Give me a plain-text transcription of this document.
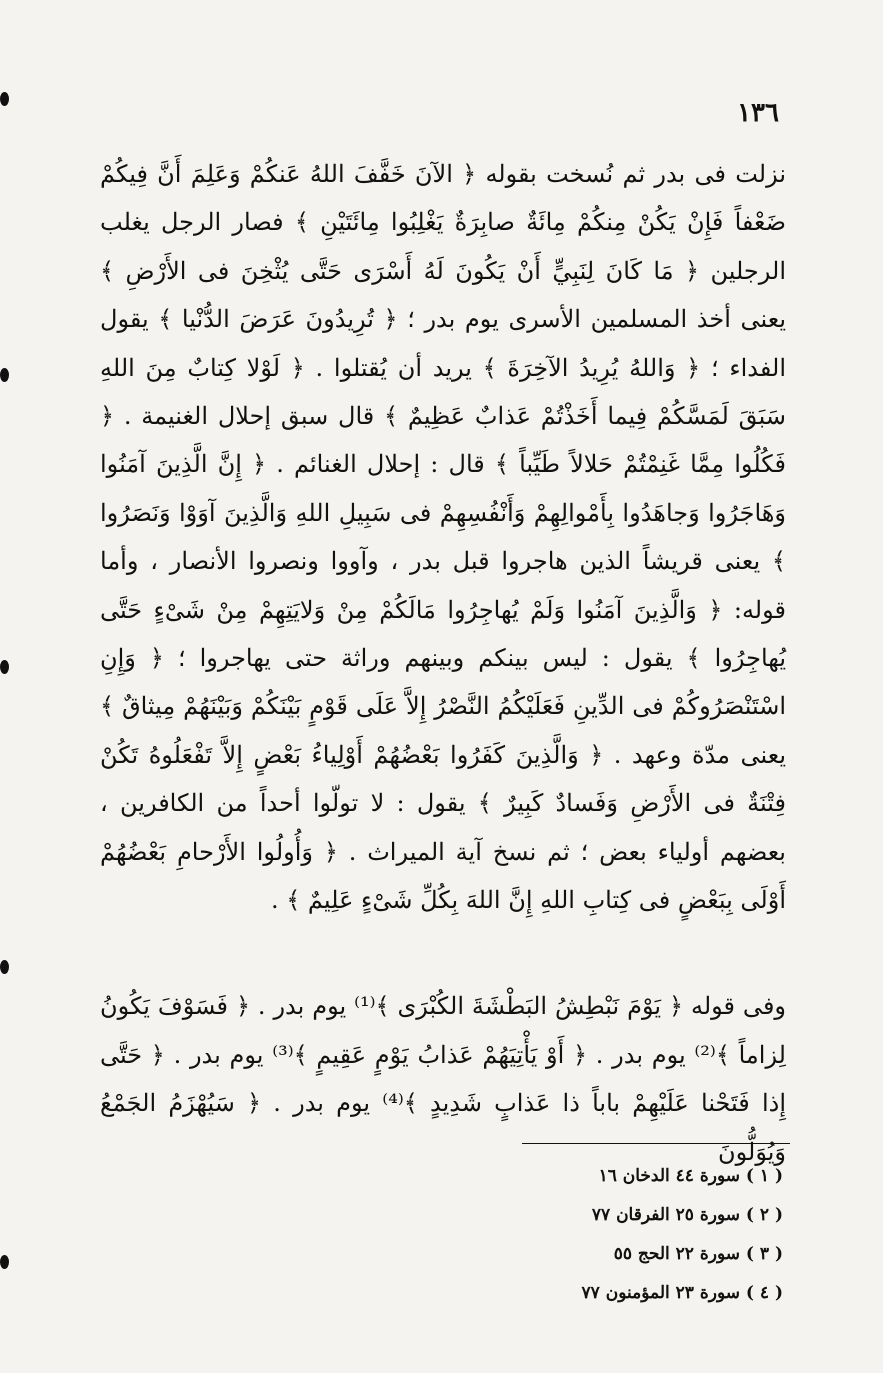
١٣٦

نزلت فى بدر ثم نُسخت بقوله ﴿ الآنَ خَفَّفَ اللهُ عَنكُمْ وَعَلِمَ أَنَّ فِيكُمْ ضَعْفاً فَإِنْ يَكُنْ مِنكُمْ مِائَةٌ صابِرَةٌ يَغْلِبُوا مِائَتَيْنِ ﴾ فصار الرجل يغلب الرجلين ﴿ مَا كَانَ لِنَبِيٍّ أَنْ يَكُونَ لَهُ أَسْرَى حَتَّى يُثْخِنَ فى الأَرْضِ ﴾ يعنى أخذ المسلمين الأسرى يوم بدر ؛ ﴿ تُرِيدُونَ عَرَضَ الدُّنْيا ﴾ يقول الفداء ؛ ﴿ وَاللهُ يُرِيدُ الآخِرَةَ ﴾ يريد أن يُقتلوا . ﴿ لَوْلا كِتابٌ مِنَ اللهِ سَبَقَ لَمَسَّكُمْ فِيما أَخَذْتُمْ عَذابٌ عَظِيمٌ ﴾ قال سبق إحلال الغنيمة . ﴿ فَكُلُوا مِمَّا غَنِمْتُمْ حَلالاً طَيِّباً ﴾ قال : إحلال الغنائم . ﴿ إِنَّ الَّذِينَ آمَنُوا وَهَاجَرُوا وَجاهَدُوا بِأَمْوالِهِمْ وَأَنْفُسِهِمْ فى سَبِيلِ اللهِ وَالَّذِينَ آوَوْا وَنَصَرُوا ﴾ يعنى قريشاً الذين هاجروا قبل بدر ، وآووا ونصروا الأنصار ، وأما قوله: ﴿ وَالَّذِينَ آمَنُوا وَلَمْ يُهاجِرُوا مَالَكُمْ مِنْ وَلايَتِهِمْ مِنْ شَىْءٍ حَتَّى يُهاجِرُوا ﴾ يقول : ليس بينكم وبينهم وراثة حتى يهاجروا ؛ ﴿ وَإِنِ اسْتَنْصَرُوكُمْ فى الدِّينِ فَعَلَيْكُمُ النَّصْرُ إِلاَّ عَلَى قَوْمٍ بَيْنَكُمْ وَبَيْنَهُمْ مِيثاقٌ ﴾ يعنى مدّة وعهد . ﴿ وَالَّذِينَ كَفَرُوا بَعْضُهُمْ أَوْلِياءُ بَعْضٍ إِلاَّ تَفْعَلُوهُ تَكُنْ فِتْنَةٌ فى الأَرْضِ وَفَسادٌ كَبِيرٌ ﴾ يقول : لا تولّوا أحداً من الكافرين ، بعضهم أولياء بعض ؛ ثم نسخ آية الميراث . ﴿ وَأُولُوا الأَرْحامِ بَعْضُهُمْ أَوْلَى بِبَعْضٍ فى كِتابِ اللهِ إِنَّ اللهَ بِكُلِّ شَىْءٍ عَلِيمٌ ﴾ .

وفى قوله ﴿ يَوْمَ نَبْطِشُ البَطْشَةَ الكُبْرَى ﴾⁽¹⁾ يوم بدر . ﴿ فَسَوْفَ يَكُونُ لِزاماً ﴾⁽²⁾ يوم بدر . ﴿ أَوْ يَأْتِيَهُمْ عَذابُ يَوْمٍ عَقِيمٍ ﴾⁽³⁾ يوم بدر . ﴿ حَتَّى إِذا فَتَحْنا عَلَيْهِمْ باباً ذا عَذابٍ شَدِيدٍ ﴾⁽⁴⁾ يوم بدر . ﴿ سَيُهْزَمُ الجَمْعُ وَيُوَلُّونَ

( ١ ) سورة ٤٤ الدخان ١٦
( ٢ ) سورة ٢٥ الفرقان ٧٧
( ٣ ) سورة ٢٢ الحج ٥٥
( ٤ ) سورة ٢٣ المؤمنون ٧٧
